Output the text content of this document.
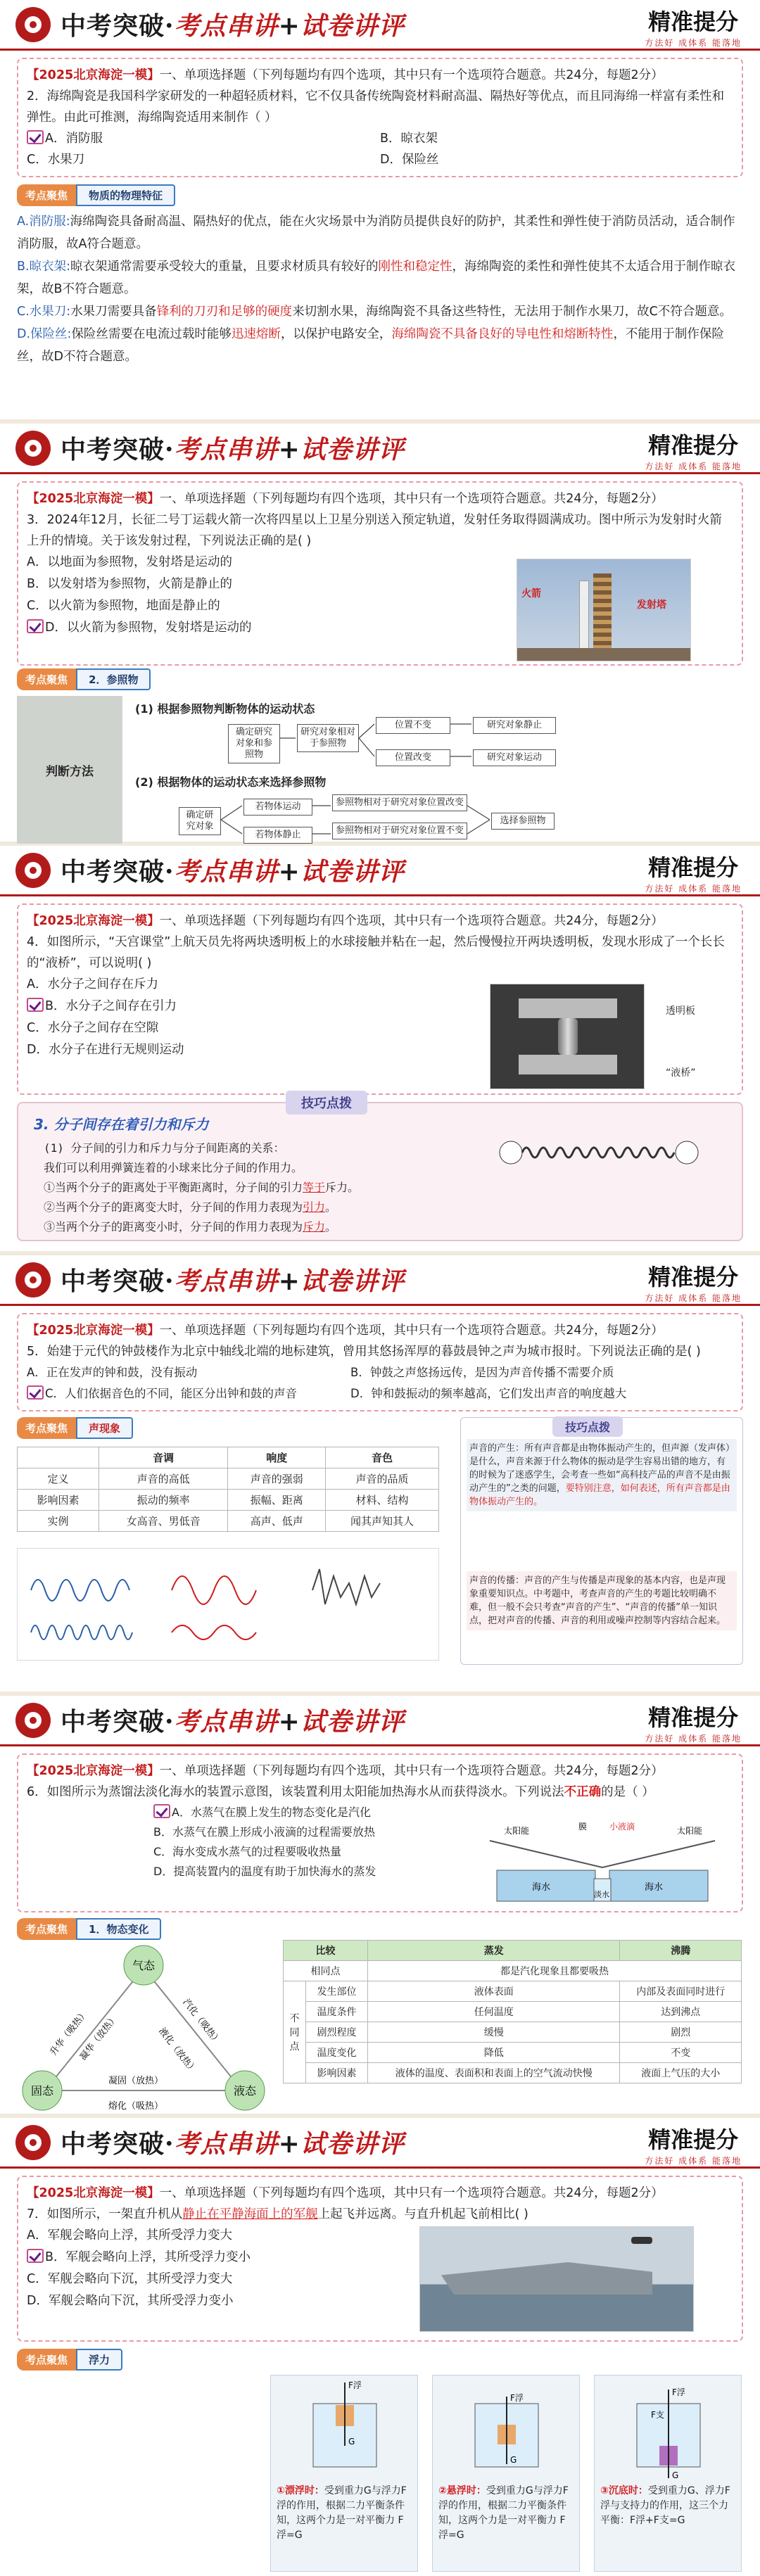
中考突破·考点串讲+试卷讲评	精准提分
方法好 成体系 能落地
【2025北京海淀一模】一、单项选择题（下列每题均有四个选项，其中只有一个选项符合题意。共24分，每题2分）
2．海绵陶瓷是我国科学家研发的一种超轻质材料，它不仅具备传统陶瓷材料耐高温、隔热好等优点，而且同海绵一样富有柔性和弹性。由此可推测，海绵陶瓷适用来制作（ ）
A．消防服	B．晾衣架
C．水果刀	D．保险丝
考点聚焦	物质的物理特征
A.消防服:海绵陶瓷具备耐高温、隔热好的优点，能在火灾场景中为消防员提供良好的防护，其柔性和弹性使于消防员活动，适合制作消防服，故A符合题意。
B.晾衣架:晾衣架通常需要承受较大的重量，且要求材质具有较好的刚性和稳定性，海绵陶瓷的柔性和弹性使其不太适合用于制作晾衣架，故B不符合题意。
C.水果刀:水果刀需要具备锋利的刀刃和足够的硬度来切割水果，海绵陶瓷不具备这些特性，无法用于制作水果刀，故C不符合题意。
D.保险丝:保险丝需要在电流过载时能够迅速熔断，以保护电路安全，海绵陶瓷不具备良好的导电性和熔断特性，不能用于制作保险丝，故D不符合题意。
中考突破·考点串讲+试卷讲评	精准提分
方法好 成体系 能落地
【2025北京海淀一模】一、单项选择题（下列每题均有四个选项，其中只有一个选项符合题意。共24分，每题2分）
3．2024年12月，长征二号丁运载火箭一次将四星以上卫星分别送入预定轨道，发射任务取得圆满成功。图中所示为发射时火箭上升的情境。关于该发射过程，下列说法正确的是( )
A．以地面为参照物，发射塔是运动的
B．以发射塔为参照物，火箭是静止的
C．以火箭为参照物，地面是静止的
D．以火箭为参照物，发射塔是运动的
火箭
发射塔
考点聚焦	2．参照物
判断方法
(1) 根据参照物判断物体的运动状态
(2) 根据物体的运动状态来选择参照物
确定研究对象和参照物
研究对象相对于参照物
位置不变	研究对象静止
位置改变	研究对象运动
确定研究对象
若物体运动
若物体静止
参照物相对于研究对象位置改变
参照物相对于研究对象位置不变
选择参照物
中考突破·考点串讲+试卷讲评	精准提分
方法好 成体系 能落地
【2025北京海淀一模】一、单项选择题（下列每题均有四个选项，其中只有一个选项符合题意。共24分，每题2分）
4．如图所示，“天宫课堂”上航天员先将两块透明板上的水球接触并粘在一起，然后慢慢拉开两块透明板，发现水形成了一个长长的“液桥”，可以说明( )
A．水分子之间存在斥力
B．水分子之间存在引力
C．水分子之间存在空隙
D．水分子在进行无规则运动
透明板
“液桥”
技巧点拨
3. 分子间存在着引力和斥力
(1) 分子间的引力和斥力与分子间距离的关系：
我们可以利用弹簧连着的小球来比分子间的作用力。
①当两个分子的距离处于平衡距离时，分子间的引力等于斥力。
②当两个分子的距离变大时，分子间的作用力表现为引力。
③当两个分子的距离变小时，分子间的作用力表现为斥力。
中考突破·考点串讲+试卷讲评	精准提分
方法好 成体系 能落地
【2025北京海淀一模】一、单项选择题（下列每题均有四个选项，其中只有一个选项符合题意。共24分，每题2分）
5．始建于元代的钟鼓楼作为北京中轴线北端的地标建筑，曾用其悠扬浑厚的暮鼓晨钟之声为城市报时。下列说法正确的是( )
A．正在发声的钟和鼓，没有振动	B．钟鼓之声悠扬远传，是因为声音传播不需要介质
C．人们依据音色的不同，能区分出钟和鼓的声音	D．钟和鼓振动的频率越高，它们发出声音的响度越大
考点聚焦	声现象
	音调	响度	音色
定义	声音的高低	声音的强弱	声音的品质
影响因素	振动的频率	振幅、距离	材料、结构
实例	女高音、男低音	高声、低声	闻其声知其人
技巧点拨
声音的产生：所有声音都是由物体振动产生的，但声源（发声体）是什么，声音来源于什么物体的振动是学生容易出错的地方，有的时候为了迷惑学生，会考查一些如“高科技产品的声音不是由振动产生的”之类的问题，要特别注意，如何表述，所有声音都是由物体振动产生的。
声音的传播：声音的产生与传播是声现象的基本内容，也是声现象重要知识点。中考题中，考查声音的产生的考题比较明确不难，但一般不会只考查“声音的产生”、“声音的传播”单一知识点，把对声音的传播、声音的利用或噪声控制等内容结合起来。
中考突破·考点串讲+试卷讲评	精准提分
方法好 成体系 能落地
【2025北京海淀一模】一、单项选择题（下列每题均有四个选项，其中只有一个选项符合题意。共24分，每题2分）
6．如图所示为蒸馏法淡化海水的装置示意图，该装置利用太阳能加热海水从而获得淡水。下列说法不正确的是（ ）
A．水蒸气在膜上发生的物态变化是汽化
B．水蒸气在膜上形成小液滴的过程需要放热
C．海水变成水蒸气的过程要吸收热量
D．提高装置内的温度有助于加快海水的蒸发
太阳能	膜	小液滴	太阳能
海水
淡水
海水
考点聚焦	1．物态变化
气态
固态	液态
升华（吸热）
凝华（放热）	汽化（吸热）
液化（放热）
凝固（放热）
熔化（吸热）
比较		蒸发	沸腾
相同点		都是汽化现象且都要吸热	
不同点	发生部位	液体表面	内部及表面同时进行
	温度条件	任何温度	达到沸点
	剧烈程度	缓慢	剧烈
	温度变化	降低	不变
	影响因素	液体的温度、表面积和表面上的空气流动快慢	液面上气压的大小
中考突破·考点串讲+试卷讲评	精准提分
方法好 成体系 能落地
【2025北京海淀一模】一、单项选择题（下列每题均有四个选项，其中只有一个选项符合题意。共24分，每题2分）
7．如图所示，一架直升机从静止在平静海面上的军舰上起飞并远离。与直升机起飞前相比( )
A．军舰会略向上浮，其所受浮力变大
B．军舰会略向上浮，其所受浮力变小
C．军舰会略向下沉，其所受浮力变大
D．军舰会略向下沉，其所受浮力变小
考点聚焦	浮力
F浮
G
①漂浮时：受到重力G与浮力F浮的作用，根据二力平衡条件知，这两个力是一对平衡力 F浮=G
F浮
G
②悬浮时：受到重力G与浮力F浮的作用，根据二力平衡条件知，这两个力是一对平衡力 F浮=G
F浮
F支
G
③沉底时：受到重力G、浮力F浮与支持力的作用，这三个力平衡：F浮+F支=G
